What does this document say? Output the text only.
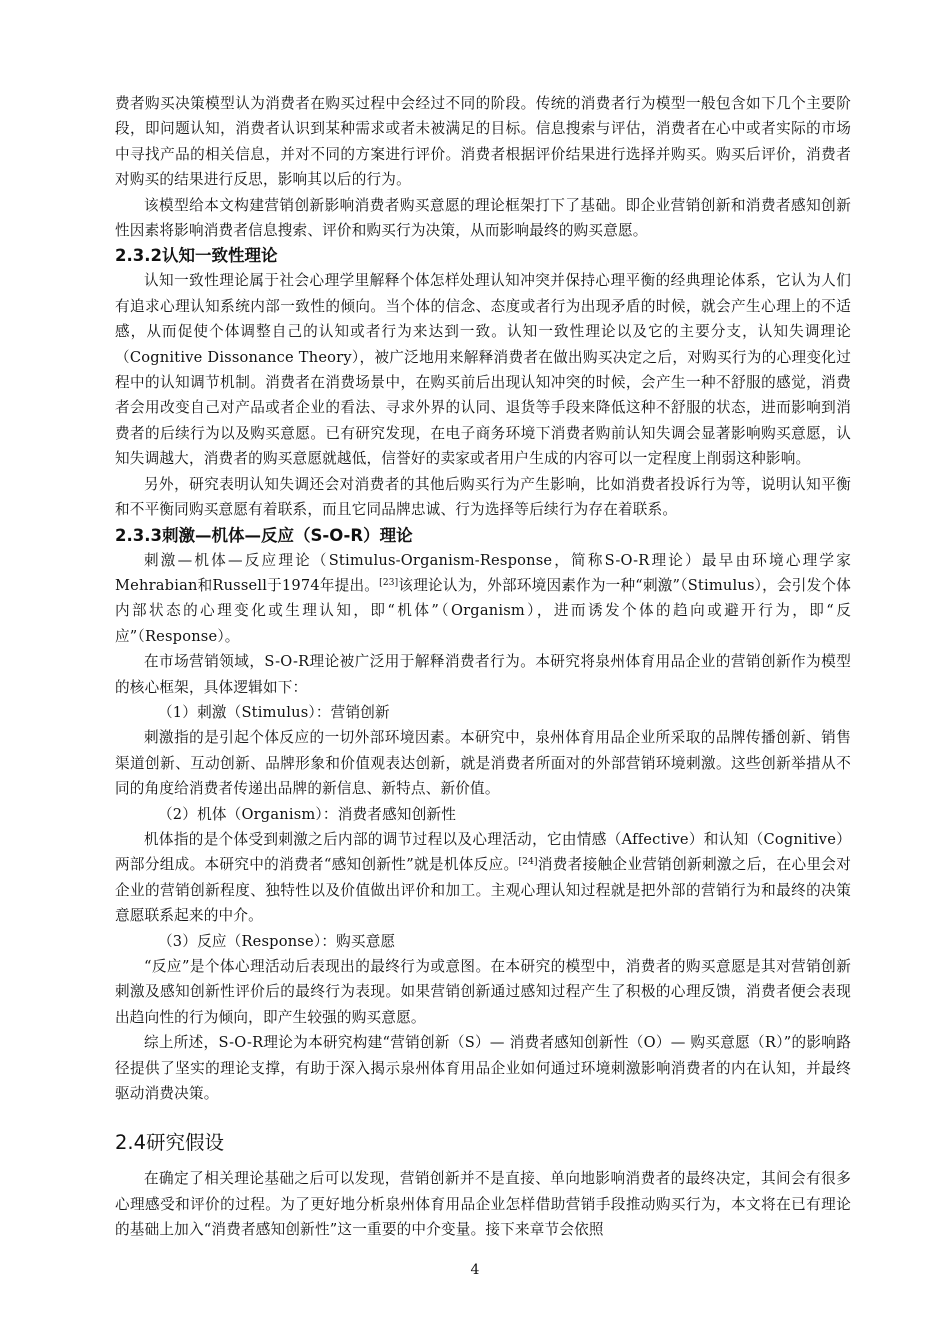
费者购买决策模型认为消费者在购买过程中会经过不同的阶段。传统的消费者行为模型一般包含如下几个主要阶段，即问题认知，消费者认识到某种需求或者未被满足的目标。信息搜索与评估，消费者在心中或者实际的市场中寻找产品的相关信息，并对不同的方案进行评价。消费者根据评价结果进行选择并购买。购买后评价，消费者对购买的结果进行反思，影响其以后的行为。

该模型给本文构建营销创新影响消费者购买意愿的理论框架打下了基础。即企业营销创新和消费者感知创新性因素将影响消费者信息搜索、评价和购买行为决策，从而影响最终的购买意愿。

2.3.2认知一致性理论

认知一致性理论属于社会心理学里解释个体怎样处理认知冲突并保持心理平衡的经典理论体系，它认为人们有追求心理认知系统内部一致性的倾向。当个体的信念、态度或者行为出现矛盾的时候，就会产生心理上的不适感，从而促使个体调整自己的认知或者行为来达到一致。认知一致性理论以及它的主要分支，认知失调理论（Cognitive Dissonance Theory），被广泛地用来解释消费者在做出购买决定之后，对购买行为的心理变化过程中的认知调节机制。消费者在消费场景中，在购买前后出现认知冲突的时候，会产生一种不舒服的感觉，消费者会用改变自己对产品或者企业的看法、寻求外界的认同、退货等手段来降低这种不舒服的状态，进而影响到消费者的后续行为以及购买意愿。已有研究发现，在电子商务环境下消费者购前认知失调会显著影响购买意愿，认知失调越大，消费者的购买意愿就越低，信誉好的卖家或者用户生成的内容可以一定程度上削弱这种影响。

另外，研究表明认知失调还会对消费者的其他后购买行为产生影响，比如消费者投诉行为等，说明认知平衡和不平衡同购买意愿有着联系，而且它同品牌忠诚、行为选择等后续行为存在着联系。

2.3.3刺激—机体—反应（S-O-R）理论

刺激—机体—反应理论（Stimulus-Organism-Response，简称S-O-R理论）最早由环境心理学家Mehrabian和Russell于1974年提出。[23]该理论认为，外部环境因素作为一种“刺激”（Stimulus），会引发个体内部状态的心理变化或生理认知，即“机体”（Organism），进而诱发个体的趋向或避开行为，即“反应”（Response）。

在市场营销领域，S-O-R理论被广泛用于解释消费者行为。本研究将泉州体育用品企业的营销创新作为模型的核心框架，具体逻辑如下：

（1）刺激（Stimulus）：营销创新

刺激指的是引起个体反应的一切外部环境因素。本研究中，泉州体育用品企业所采取的品牌传播创新、销售渠道创新、互动创新、品牌形象和价值观表达创新，就是消费者所面对的外部营销环境刺激。这些创新举措从不同的角度给消费者传递出品牌的新信息、新特点、新价值。

（2）机体（Organism）：消费者感知创新性

机体指的是个体受到刺激之后内部的调节过程以及心理活动，它由情感（Affective）和认知（Cognitive）两部分组成。本研究中的消费者“感知创新性”就是机体反应。[24]消费者接触企业营销创新刺激之后，在心里会对企业的营销创新程度、独特性以及价值做出评价和加工。主观心理认知过程就是把外部的营销行为和最终的决策意愿联系起来的中介。

（3）反应（Response）：购买意愿

“反应”是个体心理活动后表现出的最终行为或意图。在本研究的模型中，消费者的购买意愿是其对营销创新刺激及感知创新性评价后的最终行为表现。如果营销创新通过感知过程产生了积极的心理反馈，消费者便会表现出趋向性的行为倾向，即产生较强的购买意愿。

综上所述，S-O-R理论为本研究构建“营销创新（S）— 消费者感知创新性（O）— 购买意愿（R）”的影响路径提供了坚实的理论支撑，有助于深入揭示泉州体育用品企业如何通过环境刺激影响消费者的内在认知，并最终驱动消费决策。

2.4研究假设

在确定了相关理论基础之后可以发现，营销创新并不是直接、单向地影响消费者的最终决定，其间会有很多心理感受和评价的过程。为了更好地分析泉州体育用品企业怎样借助营销手段推动购买行为，本文将在已有理论的基础上加入“消费者感知创新性”这一重要的中介变量。接下来章节会依照

4
